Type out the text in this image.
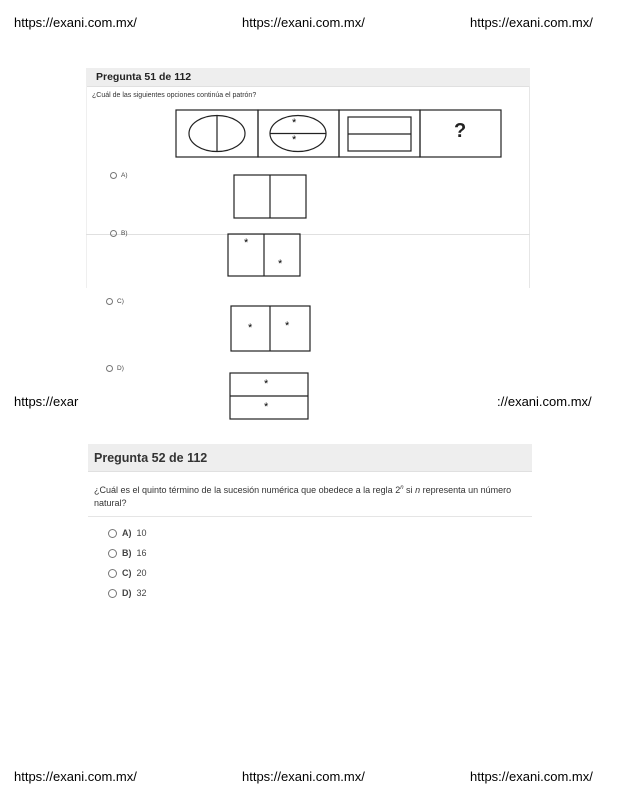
https://exani.com.mx/	https://exani.com.mx/	https://exani.com.mx/
Pregunta 51 de 112
¿Cuál de las siguientes opciones continúa el patrón?
*
*	?
A)
B)
*
*
C)
*	*
D)
*
*
https://exar	://exani.com.mx/
Pregunta 52 de 112
¿Cuál es el quinto término de la sucesión numérica que obedece a la regla 2$^n$ si n representa un número natural?
A) 10
B) 16
C) 20
D) 32
https://exani.com.mx/	https://exani.com.mx/	https://exani.com.mx/
